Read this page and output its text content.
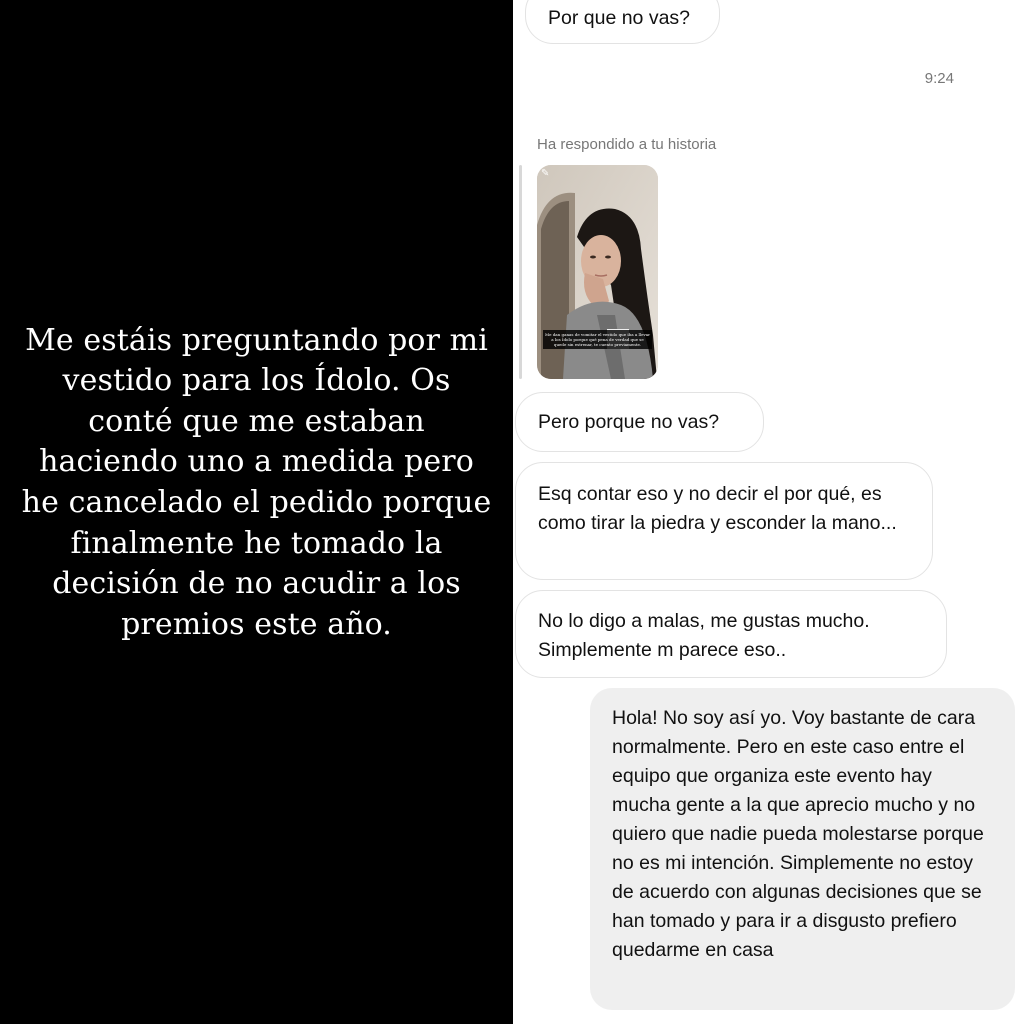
Me estáis preguntando por mi vestido para los Ídolo. Os conté que me estaban haciendo uno a medida pero he cancelado el pedido porque finalmente he tomado la decisión de no acudir a los premios este año.

Por que no vas?
9:24
Ha respondido a tu historia
✎
Me dan ganas de vomitar el vestido que iba a llevar a los Ídolo porque qué pena de verdad que se quede sin estrenar, te cuento previamente.
Pero porque no vas?
Esq contar eso y no decir el por qué, es como tirar la piedra y esconder la mano...
No lo digo a malas, me gustas mucho. Simplemente m parece eso..
Hola! No soy así yo. Voy bastante de cara normalmente. Pero en este caso entre el equipo que organiza este evento hay mucha gente a la que aprecio mucho y no quiero que nadie pueda molestarse porque no es mi intención. Simplemente no estoy de acuerdo con algunas decisiones que se han tomado y para ir a disgusto prefiero quedarme en casa
